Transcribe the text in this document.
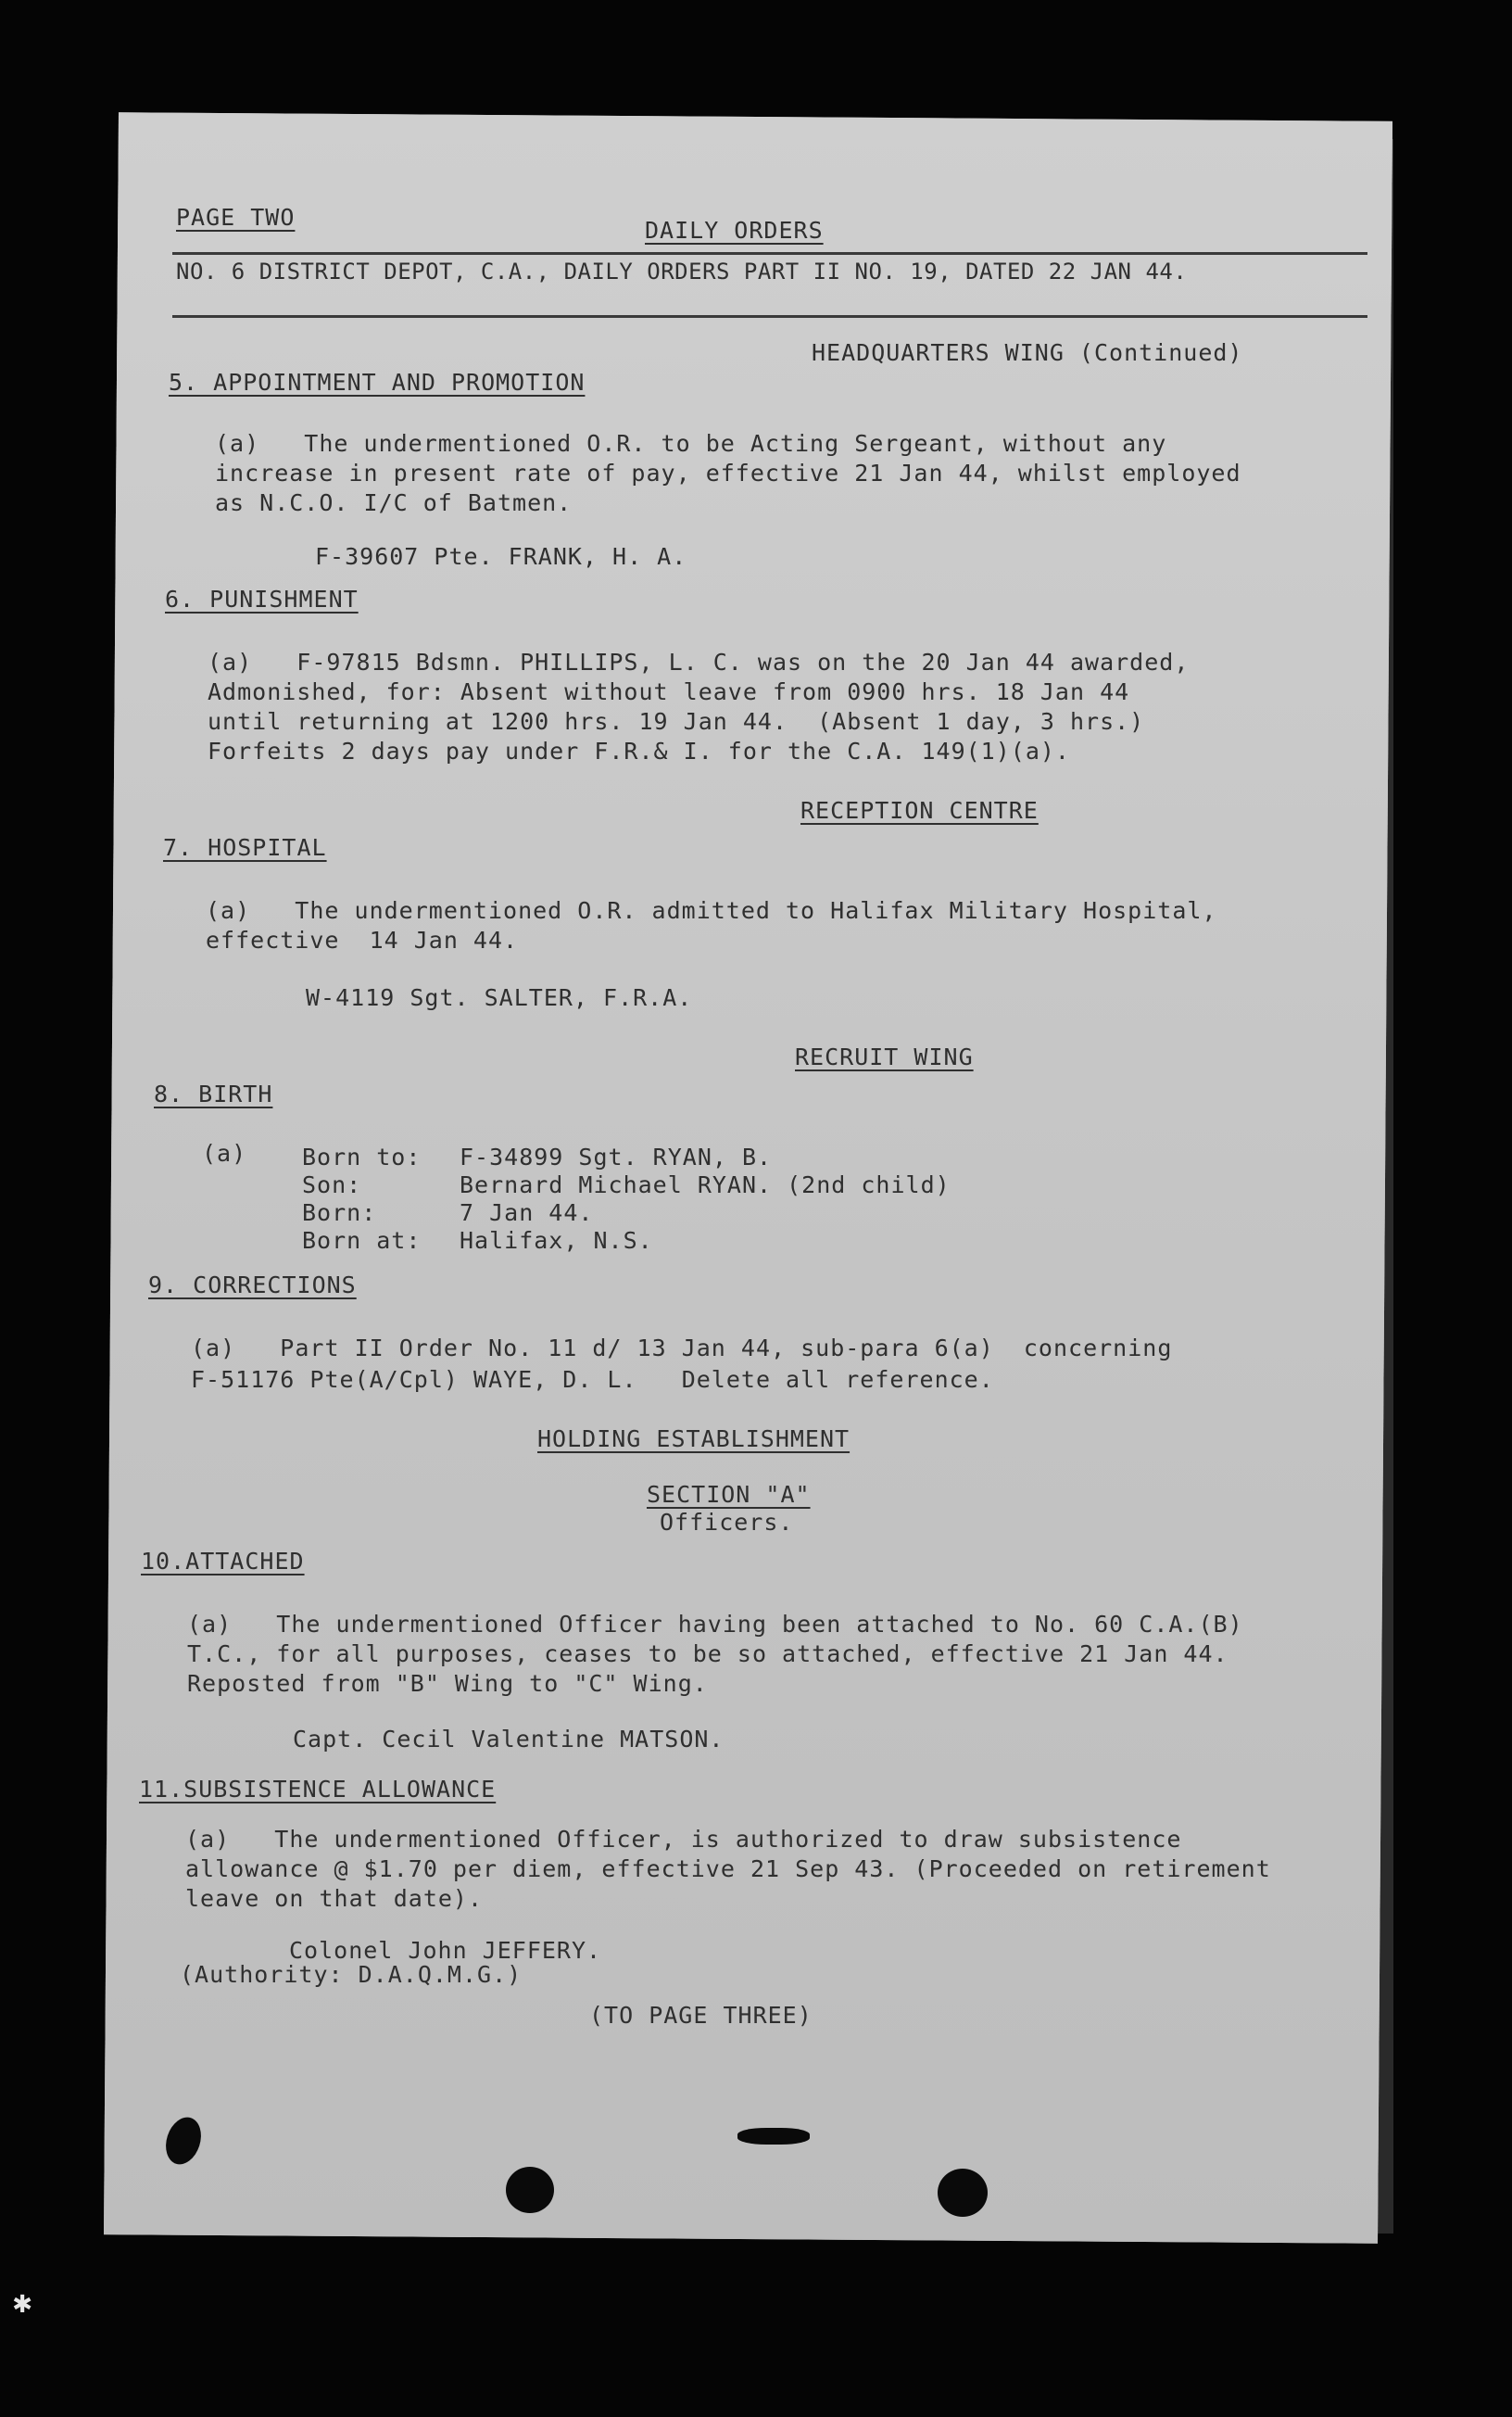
PAGE TWO	DAILY ORDERS
NO. 6 DISTRICT DEPOT, C.A., DAILY ORDERS PART II NO. 19, DATED 22 JAN 44.
HEADQUARTERS WING (Continued)
5. APPOINTMENT AND PROMOTION
(a)   The undermentioned O.R. to be Acting Sergeant, without any
increase in present rate of pay, effective 21 Jan 44, whilst employed
as N.C.O. I/C of Batmen.
F-39607 Pte. FRANK, H. A.
6. PUNISHMENT
(a)   F-97815 Bdsmn. PHILLIPS, L. C. was on the 20 Jan 44 awarded,
Admonished, for: Absent without leave from 0900 hrs. 18 Jan 44
until returning at 1200 hrs. 19 Jan 44.  (Absent 1 day, 3 hrs.)
Forfeits 2 days pay under F.R.& I. for the C.A. 149(1)(a).
RECEPTION CENTRE
7. HOSPITAL
(a)   The undermentioned O.R. admitted to Halifax Military Hospital,
effective  14 Jan 44.
W-4119 Sgt. SALTER, F.R.A.
RECRUIT WING
8. BIRTH
(a) Born to: F-34899 Sgt. RYAN, B.
Son:	Bernard Michael RYAN. (2nd child)
Born:	7 Jan 44.
Born at: Halifax, N.S.
9. CORRECTIONS
(a)   Part II Order No. 11 d/ 13 Jan 44, sub-para 6(a)  concerning
F-51176 Pte(A/Cpl) WAYE, D. L.   Delete all reference.
HOLDING ESTABLISHMENT
SECTION "A"
Officers.
10.ATTACHED
(a)   The undermentioned Officer having been attached to No. 60 C.A.(B)
T.C., for all purposes, ceases to be so attached, effective 21 Jan 44.
Reposted from "B" Wing to "C" Wing.
Capt. Cecil Valentine MATSON.
11.SUBSISTENCE ALLOWANCE
(a)   The undermentioned Officer, is authorized to draw subsistence
allowance @ $1.70 per diem, effective 21 Sep 43. (Proceeded on retirement
leave on that date).
Colonel John JEFFERY.
(Authority: D.A.Q.M.G.)
(TO PAGE THREE)
✱
